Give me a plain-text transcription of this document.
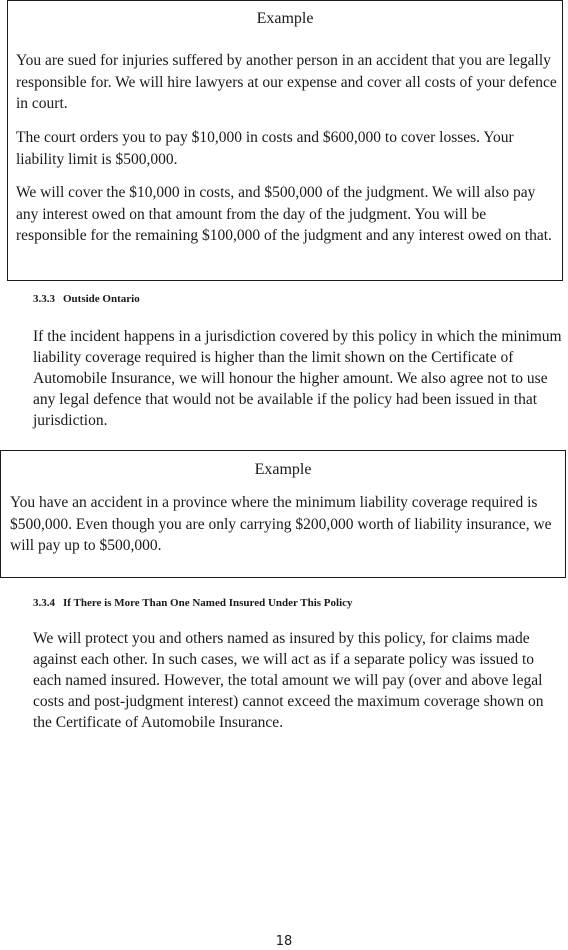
Example

You are sued for injuries suffered by another person in an accident that you are legally responsible for. We will hire lawyers at our expense and cover all costs of your defence in court.

The court orders you to pay $10,000 in costs and $600,000 to cover losses. Your liability limit is $500,000.

We will cover the $10,000 in costs, and $500,000 of the judgment. We will also pay any interest owed on that amount from the day of the judgment. You will be responsible for the remaining $100,000 of the judgment and any interest owed on that.

3.3.3 Outside Ontario

If the incident happens in a jurisdiction covered by this policy in which the minimum liability coverage required is higher than the limit shown on the Certificate of Automobile Insurance, we will honour the higher amount. We also agree not to use any legal defence that would not be available if the policy had been issued in that jurisdiction.

Example

You have an accident in a province where the minimum liability coverage required is $500,000. Even though you are only carrying $200,000 worth of liability insurance, we will pay up to $500,000.

3.3.4 If There is More Than One Named Insured Under This Policy

We will protect you and others named as insured by this policy, for claims made against each other. In such cases, we will act as if a separate policy was issued to each named insured. However, the total amount we will pay (over and above legal costs and post-judgment interest) cannot exceed the maximum coverage shown on the Certificate of Automobile Insurance.

18
